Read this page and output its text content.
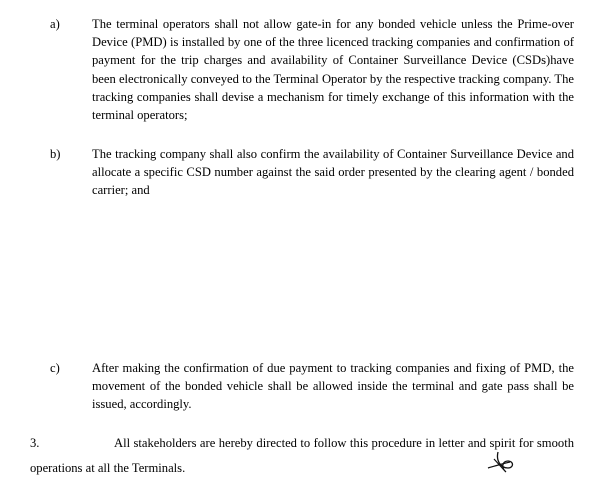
a)	The terminal operators shall not allow gate-in for any bonded vehicle unless the Prime-over Device (PMD) is installed by one of the three licenced tracking companies and confirmation of payment for the trip charges and availability of Container Surveillance Device (CSDs)have been electronically conveyed to the Terminal Operator by the respective tracking company. The tracking companies shall devise a mechanism for timely exchange of this information with the terminal operators;
b)	The tracking company shall also confirm the availability of Container Surveillance Device and allocate a specific CSD number against the said order presented by the clearing agent / bonded carrier; and
c)	After making the confirmation of due payment to tracking companies and fixing of PMD, the movement of the bonded vehicle shall be allowed inside the terminal and gate pass shall be issued, accordingly.
3.	All stakeholders are hereby directed to follow this procedure in letter and spirit for smooth operations at all the Terminals.
